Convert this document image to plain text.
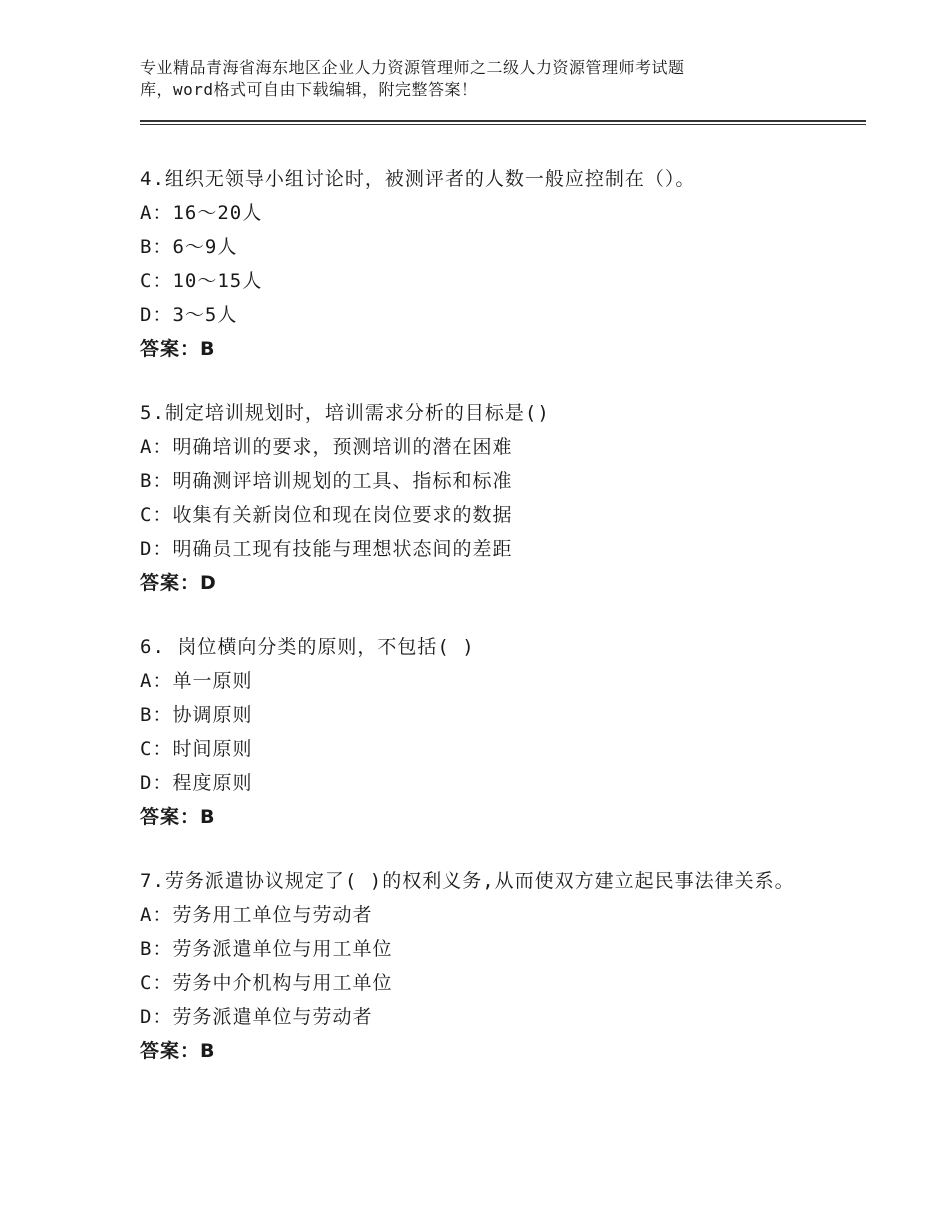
专业精品青海省海东地区企业人力资源管理师之二级人力资源管理师考试题
库，word格式可自由下载编辑，附完整答案！
4.组织无领导小组讨论时，被测评者的人数一般应控制在（）。
A：16～20人
B：6～9人
C：10～15人
D：3～5人
答案：B
5.制定培训规划时，培训需求分析的目标是()
A：明确培训的要求，预测培训的潜在困难
B：明确测评培训规划的工具、指标和标准
C：收集有关新岗位和现在岗位要求的数据
D：明确员工现有技能与理想状态间的差距
答案：D
6. 岗位横向分类的原则，不包括( )
A：单一原则
B：协调原则
C：时间原则
D：程度原则
答案：B
7.劳务派遣协议规定了( )的权利义务,从而使双方建立起民事法律关系。
A：劳务用工单位与劳动者
B：劳务派遣单位与用工单位
C：劳务中介机构与用工单位
D：劳务派遣单位与劳动者
答案：B
